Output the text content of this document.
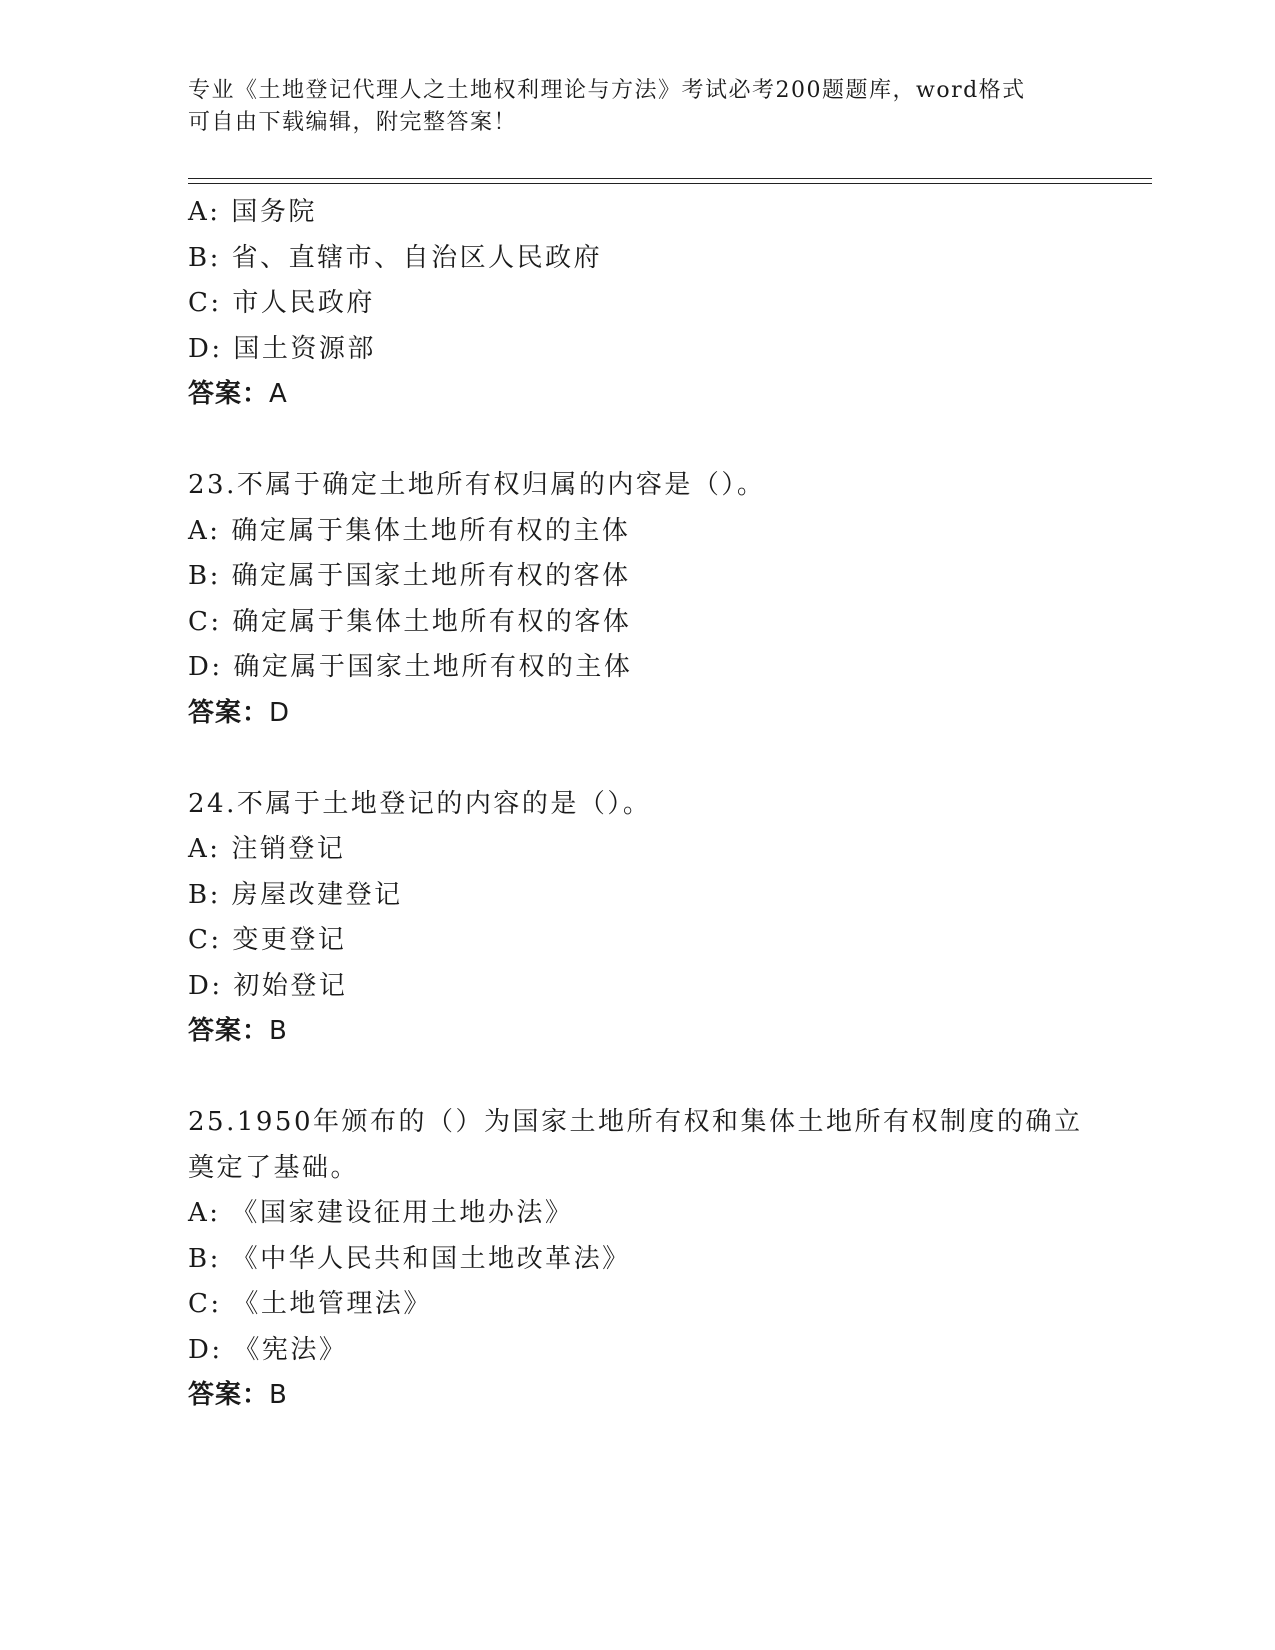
专业《土地登记代理人之土地权利理论与方法》考试必考200题题库，word格式
可自由下载编辑，附完整答案！
A: 国务院
B: 省、直辖市、自治区人民政府
C: 市人民政府
D: 国土资源部
答案：A
23.不属于确定土地所有权归属的内容是（）。
A: 确定属于集体土地所有权的主体
B: 确定属于国家土地所有权的客体
C: 确定属于集体土地所有权的客体
D: 确定属于国家土地所有权的主体
答案：D
24.不属于土地登记的内容的是（）。
A: 注销登记
B: 房屋改建登记
C: 变更登记
D: 初始登记
答案：B
25.1950年颁布的（）为国家土地所有权和集体土地所有权制度的确立
奠定了基础。
A: 《国家建设征用土地办法》
B: 《中华人民共和国土地改革法》
C: 《土地管理法》
D: 《宪法》
答案：B
